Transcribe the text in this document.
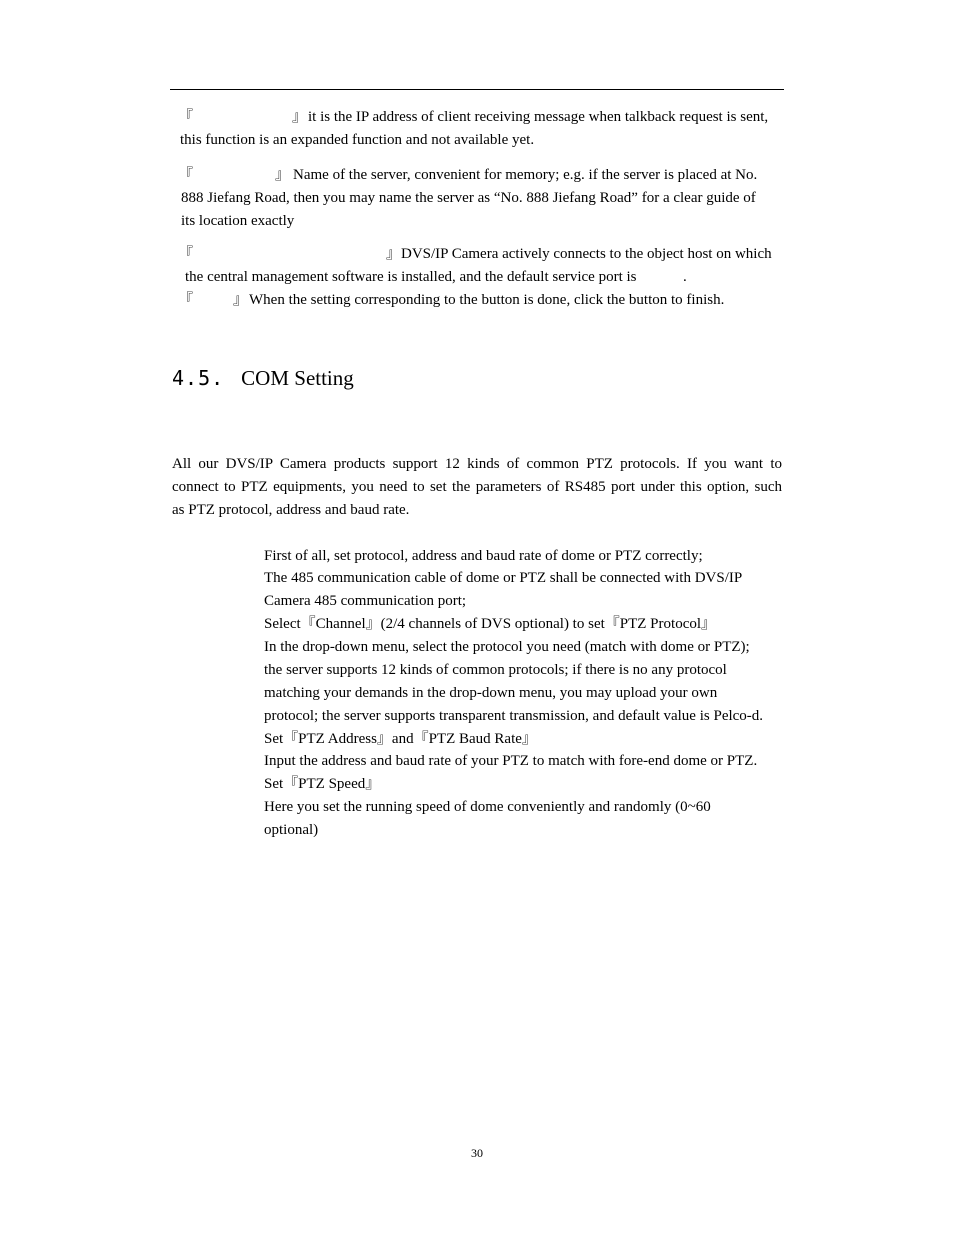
『	』 it is the IP address of client receiving message when talkback request is sent,
this function is an expanded function and not available yet.
『	』 Name of the server, convenient for memory; e.g. if the server is placed at No.
888 Jiefang Road, then you may name the server as “No. 888 Jiefang Road” for a clear guide of
its location exactly
『	』 DVS/IP Camera actively connects to the object host on which
the central management software is installed, and the default service port is	.
『	』 When the setting corresponding to the button is done, click the button to finish.
4.5. COM Setting
All our DVS/IP Camera products support 12 kinds of common PTZ protocols. If you want to
connect to PTZ equipments, you need to set the parameters of RS485 port under this option, such
as PTZ protocol, address and baud rate.
First of all, set protocol, address and baud rate of dome or PTZ correctly;
The 485 communication cable of dome or PTZ shall be connected with DVS/IP
Camera 485 communication port;
Select『Channel』(2/4 channels of DVS optional) to set『PTZ Protocol』
In the drop-down menu, select the protocol you need (match with dome or PTZ);
the server supports 12 kinds of common protocols; if there is no any protocol
matching your demands in the drop-down menu, you may upload your own
protocol; the server supports transparent transmission, and default value is Pelco-d.
Set『PTZ Address』and『PTZ Baud Rate』
Input the address and baud rate of your PTZ to match with fore-end dome or PTZ.
Set『PTZ Speed』
Here you set the running speed of dome conveniently and randomly (0~60
optional)
30
